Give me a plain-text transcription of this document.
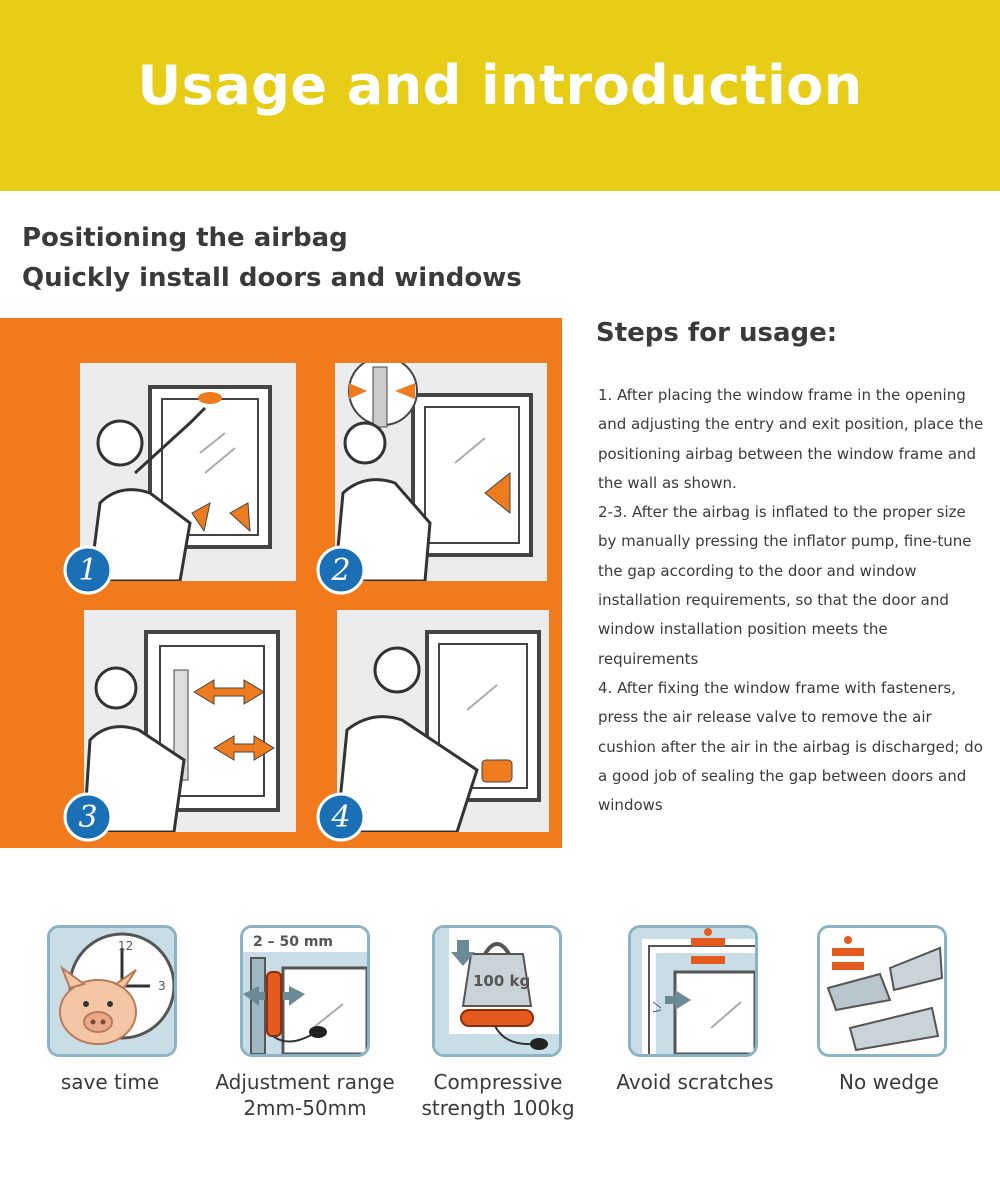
Usage and introduction
Positioning the airbag
Quickly install doors and windows
1	2
3	4
Steps for usage:

1. After placing the window frame in the opening and adjusting the entry and exit position, place the positioning airbag between the window frame and the wall as shown.

2-3. After the airbag is inflated to the proper size by manually pressing the inflator pump, fine-tune the gap according to the door and window installation requirements, so that the door and window installation position meets the requirements

4. After fixing the window frame with fasteners, press the air release valve to remove the air cushion after the air in the airbag is discharged; do a good job of sealing the gap between doors and windows

12
3
save time
2 – 50 mm
Adjustment range
2mm-50mm
100 kg
Compressive
strength 100kg
Avoid scratches	No wedge
